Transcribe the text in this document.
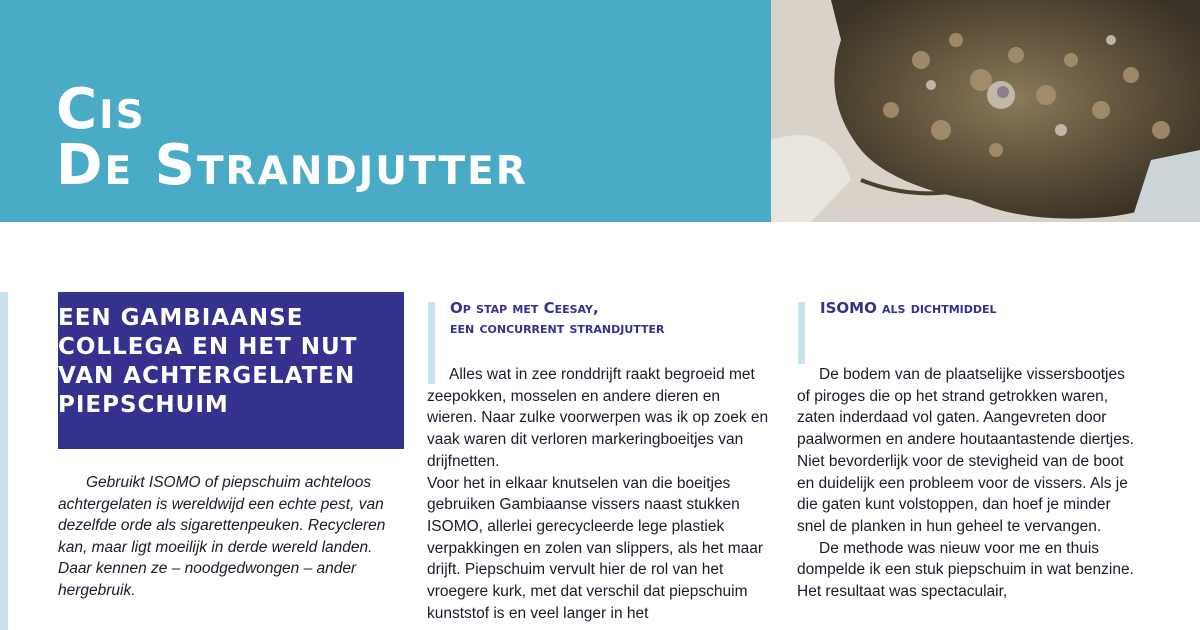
Cis
De Strandjutter
EEN GAMBIAANSE
COLLEGA EN HET NUT
VAN ACHTERGELATEN
PIEPSCHUIM
Gebruikt ISOMO of piepschuim achteloos achtergelaten is wereldwijd een echte pest, van dezelfde orde als sigarettenpeuken. Recycleren kan, maar ligt moeilijk in derde wereld landen. Daar kennen ze – noodgedwongen – ander hergebruik.
Op stap met Ceesay,
een concurrent strandjutter

Alles wat in zee ronddrijft raakt begroeid met zeepokken, mosselen en andere dieren en wieren. Naar zulke voorwerpen was ik op zoek en vaak waren dit verloren markeringboeitjes van drijfnetten.

Voor het in elkaar knutselen van die boeitjes gebruiken Gambiaanse vissers naast stukken ISOMO, allerlei gerecycleerde lege plastiek verpakkingen en zolen van slippers, als het maar drijft. Piepschuim vervult hier de rol van het vroegere kurk, met dat verschil dat piepschuim kunststof is en veel langer in het

ISOMO als dichtmiddel

De bodem van de plaatselijke vissersbootjes of piroges die op het strand getrokken waren, zaten inderdaad vol gaten. Aangevreten door paalwormen en andere houtaantastende diertjes. Niet bevorderlijk voor de stevigheid van de boot en duidelijk een probleem voor de vissers. Als je die gaten kunt volstoppen, dan hoef je minder snel de planken in hun geheel te vervangen.

De methode was nieuw voor me en thuis dompelde ik een stuk piepschuim in wat benzine. Het resultaat was spectaculair,
